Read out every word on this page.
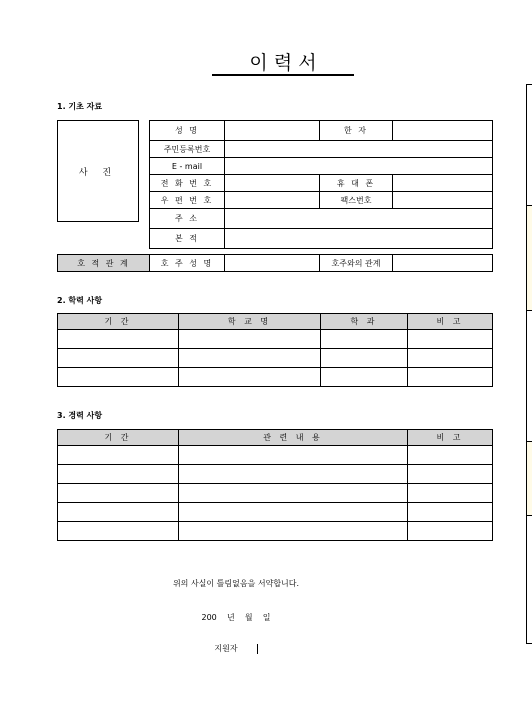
이 력 서
1. 기초 자료
사 진
성 명		한 자	
주민등록번호			
E - mail			
전 화 번 호		휴 대 폰	
우 편 번 호		팩스번호	
주 소			
본 적			
호 적 관 계	호 주 성 명		호주와의 관계	
2. 학력 사항
기 간	학 교 명	학 과	비 고

3. 경력 사항
기 간	관 련 내 용	비 고

위의 사실이 틀림없음을 서약합니다.
200    년    월    일
지원자
